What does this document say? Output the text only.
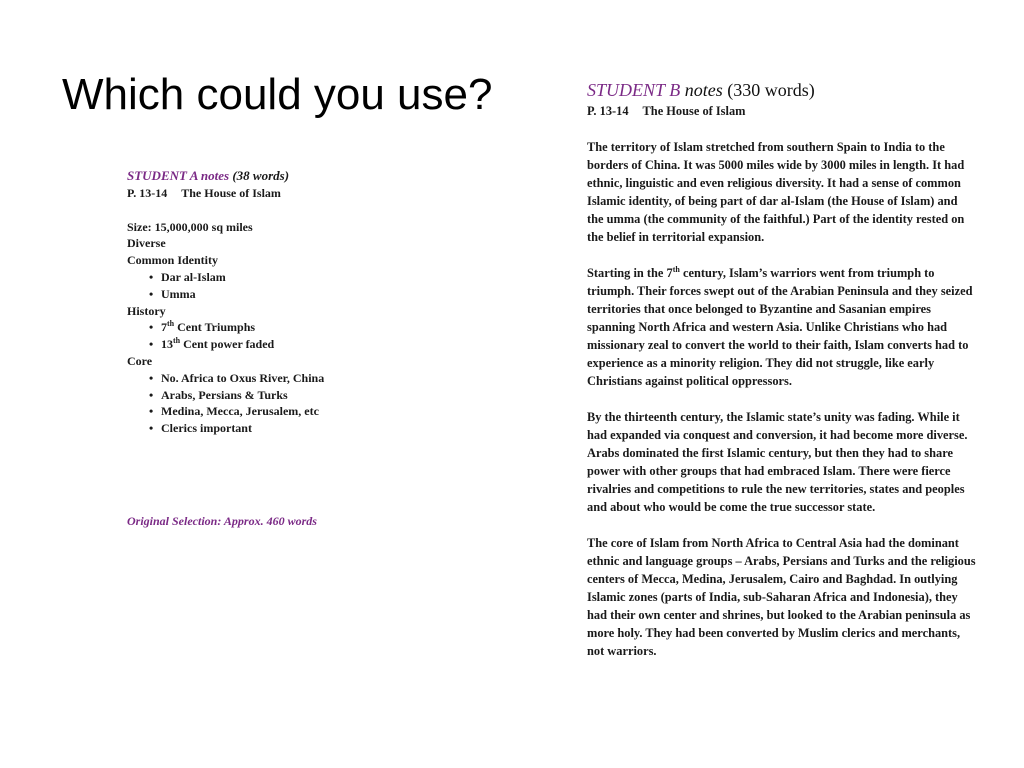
Which could you use?
STUDENT A notes (38 words)
P. 13-14 The House of Islam
Size: 15,000,000 sq miles
Diverse
Common Identity
• Dar al-Islam
• Umma
History
• 7th Cent Triumphs
• 13th Cent power faded
Core
• No. Africa to Oxus River, China
• Arabs, Persians & Turks
• Medina, Mecca, Jerusalem, etc
• Clerics important
Original Selection: Approx. 460 words
STUDENT B notes (330 words)
P. 13-14 The House of Islam

The territory of Islam stretched from southern Spain to India to the borders of China. It was 5000 miles wide by 3000 miles in length. It had ethnic, linguistic and even religious diversity. It had a sense of common Islamic identity, of being part of dar al-Islam (the House of Islam) and the umma (the community of the faithful.) Part of the identity rested on the belief in territorial expansion.

Starting in the 7th century, Islam’s warriors went from triumph to triumph. Their forces swept out of the Arabian Peninsula and they seized territories that once belonged to Byzantine and Sasanian empires spanning North Africa and western Asia. Unlike Christians who had missionary zeal to convert the world to their faith, Islam converts had to experience as a minority religion. They did not struggle, like early Christians against political oppressors.

By the thirteenth century, the Islamic state’s unity was fading. While it had expanded via conquest and conversion, it had become more diverse. Arabs dominated the first Islamic century, but then they had to share power with other groups that had embraced Islam. There were fierce rivalries and competitions to rule the new territories, states and peoples and about who would be come the true successor state.

The core of Islam from North Africa to Central Asia had the dominant ethnic and language groups – Arabs, Persians and Turks and the religious centers of Mecca, Medina, Jerusalem, Cairo and Baghdad. In outlying Islamic zones (parts of India, sub-Saharan Africa and Indonesia), they had their own center and shrines, but looked to the Arabian peninsula as more holy. They had been converted by Muslim clerics and merchants, not warriors.
